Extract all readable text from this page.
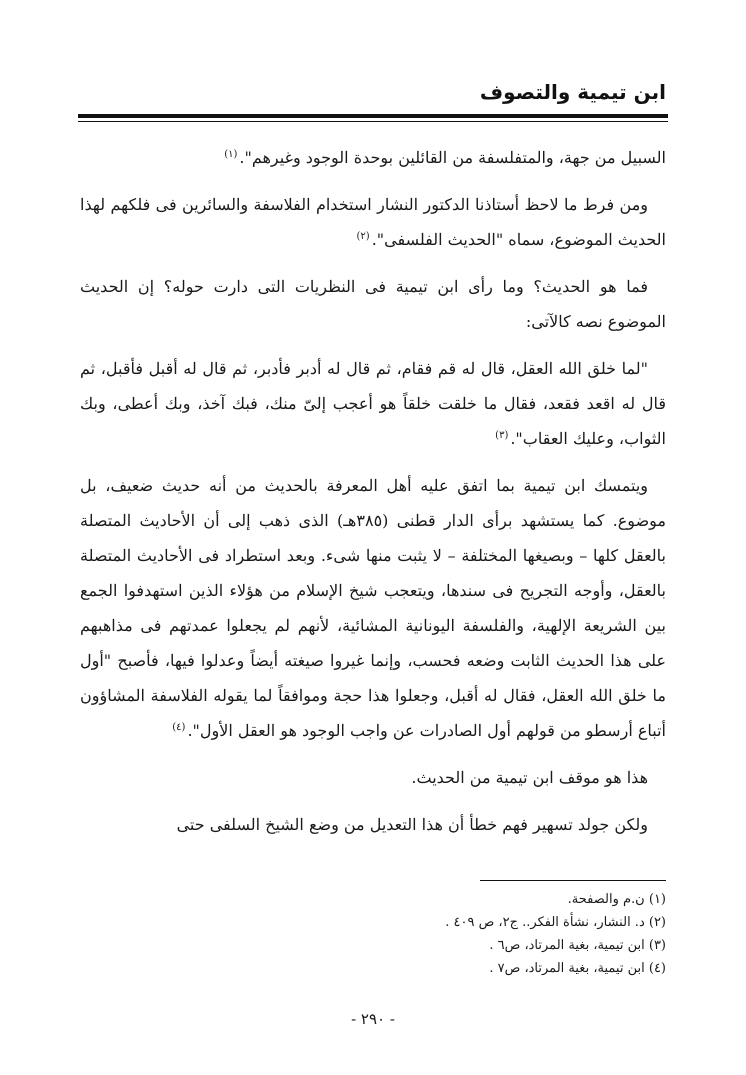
ابن تيمية والتصوف

السبيل من جهة، والمتفلسفة من القائلين بوحدة الوجود وغيرهم".$^{(١)}$

ومن فرط ما لاحظ أستاذنا الدكتور النشار استخدام الفلاسفة والسائرين فى فلكهم لهذا الحديث الموضوع، سماه "الحديث الفلسفى".$^{(٢)}$

فما هو الحديث؟ وما رأى ابن تيمية فى النظريات التى دارت حوله؟ إن الحديث الموضوع نصه كالآتى:

"لما خلق الله العقل، قال له قم فقام، ثم قال له أدبر فأدبر، ثم قال له أقبل فأقبل، ثم قال له اقعد فقعد، فقال ما خلقت خلقاً هو أعجب إلىّ منك، فبك آخذ، وبك أعطى، وبك الثواب، وعليك العقاب".$^{(٣)}$

ويتمسك ابن تيمية بما اتفق عليه أهل المعرفة بالحديث من أنه حديث ضعيف، بل موضوع. كما يستشهد برأى الدار قطنى (٣٨٥هـ) الذى ذهب إلى أن الأحاديث المتصلة بالعقل كلها – وبصيغها المختلفة – لا يثبت منها شىء. وبعد استطراد فى الأحاديث المتصلة بالعقل، وأوجه التجريح فى سندها، ويتعجب شيخ الإسلام من هؤلاء الذين استهدفوا الجمع بين الشريعة الإلهية، والفلسفة اليونانية المشائية، لأنهم لم يجعلوا عمدتهم فى مذاهبهم على هذا الحديث الثابت وضعه فحسب، وإنما غيروا صيغته أيضاً وعدلوا فيها، فأصبح "أول ما خلق الله العقل، فقال له أقبل، وجعلوا هذا حجة وموافقاً لما يقوله الفلاسفة المشاؤون أتباع أرسطو من قولهم أول الصادرات عن واجب الوجود هو العقل الأول".$^{(٤)}$

هذا هو موقف ابن تيمية من الحديث.

ولكن جولد تسهير فهم خطأ أن هذا التعديل من وضع الشيخ السلفى حتى

(١) ن.م والصفحة.
(٢) د. النشار، نشأة الفكر.. ج٢، ص ٤٠٩ .
(٣) ابن تيمية، بغية المرتاد، ص٦ .
(٤) ابن تيمية، بغية المرتاد، ص٧ .
- ٢٩٠ -
